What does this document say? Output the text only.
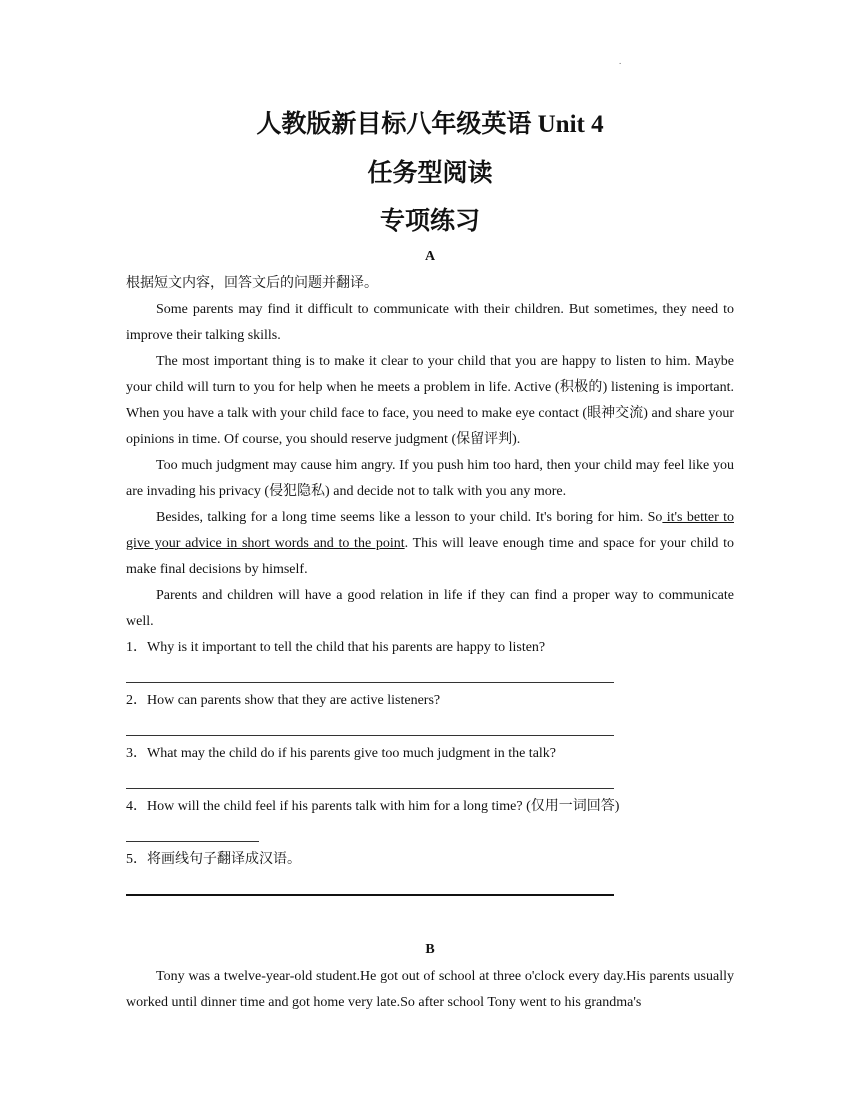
.
人教版新目标八年级英语 Unit 4
任务型阅读
专项练习
A

根据短文内容，回答文后的问题并翻译。

Some parents may find it difficult to communicate with their children. But sometimes, they need to improve their talking skills.

The most important thing is to make it clear to your child that you are happy to listen to him. Maybe your child will turn to you for help when he meets a problem in life. Active (积极的) listening is important. When you have a talk with your child face to face, you need to make eye contact (眼神交流) and share your opinions in time. Of course, you should reserve judgment (保留评判).

Too much judgment may cause him angry. If you push him too hard, then your child may feel like you are invading his privacy (侵犯隐私) and decide not to talk with you any more.

Besides, talking for a long time seems like a lesson to your child. It's boring for him. So it's better to give your advice in short words and to the point. This will leave enough time and space for your child to make final decisions by himself.

Parents and children will have a good relation in life if they can find a proper way to communicate well.

1．Why is it important to tell the child that his parents are happy to listen?

2．How can parents show that they are active listeners?

3．What may the child do if his parents give too much judgment in the talk?

4．How will the child feel if his parents talk with him for a long time? (仅用一词回答)

5．将画线句子翻译成汉语。

B

Tony was a twelve-year-old student.He got out of school at three o'clock every day.His parents usually worked until dinner time and got home very late.So after school Tony went to his grandma's
